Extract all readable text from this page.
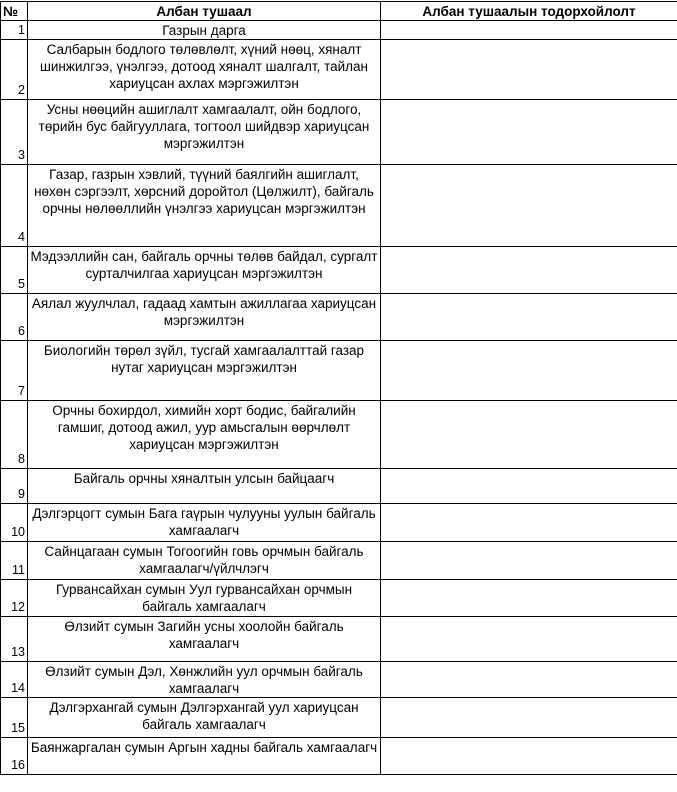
№	Албан тушаал	Албан тушаалын тодорхойлолт
1	Газрын дарга	
2	Салбарын бодлого төлөвлөлт, хүний нөөц, хяналт шинжилгээ, үнэлгээ, дотоод хяналт шалгалт, тайлан хариуцсан ахлах мэргэжилтэн	
3	Усны нөөцийн ашиглалт хамгаалалт, ойн бодлого, төрийн бус байгууллага, тогтоол шийдвэр хариуцсан мэргэжилтэн	
4	Газар, газрын хэвлий, түүний баялгийн ашиглалт, нөхөн сэргээлт, хөрсний доройтол (Цөлжилт), байгаль орчны нөлөөллийн үнэлгээ хариуцсан мэргэжилтэн	
5	Мэдээллийн сан, байгаль орчны төлөв байдал, сургалт сурталчилгаа хариуцсан мэргэжилтэн	
6	Аялал жуулчлал, гадаад хамтын ажиллагаа хариуцсан мэргэжилтэн	
7	Биологийн төрөл зүйл, тусгай хамгаалалттай газар нутаг хариуцсан мэргэжилтэн	
8	Орчны бохирдол, химийн хорт бодис, байгалийн гамшиг, дотоод ажил, уур амьсгалын өөрчлөлт хариуцсан мэргэжилтэн	
9	Байгаль орчны хяналтын улсын байцаагч	
10	Дэлгэрцогт сумын Бага гаүрын чулууны уулын байгаль хамгаалагч	
11	Сайнцагаан сумын Тогоогийн говь орчмын байгаль хамгаалагч/үйлчлэгч	
12	Гурвансайхан сумын Уул гурвансайхан орчмын байгаль хамгаалагч	
13	Өлзийт сумын Загийн усны хоолойн байгаль хамгаалагч	
14	Өлзийт сумын Дэл, Хөнжлийн уул орчмын байгаль хамгаалагч	
15	Дэлгэрхангай сумын Дэлгэрхангай уул хариуцсан байгаль хамгаалагч	
16	Баянжаргалан сумын Аргын хадны байгаль хамгаалагч	
